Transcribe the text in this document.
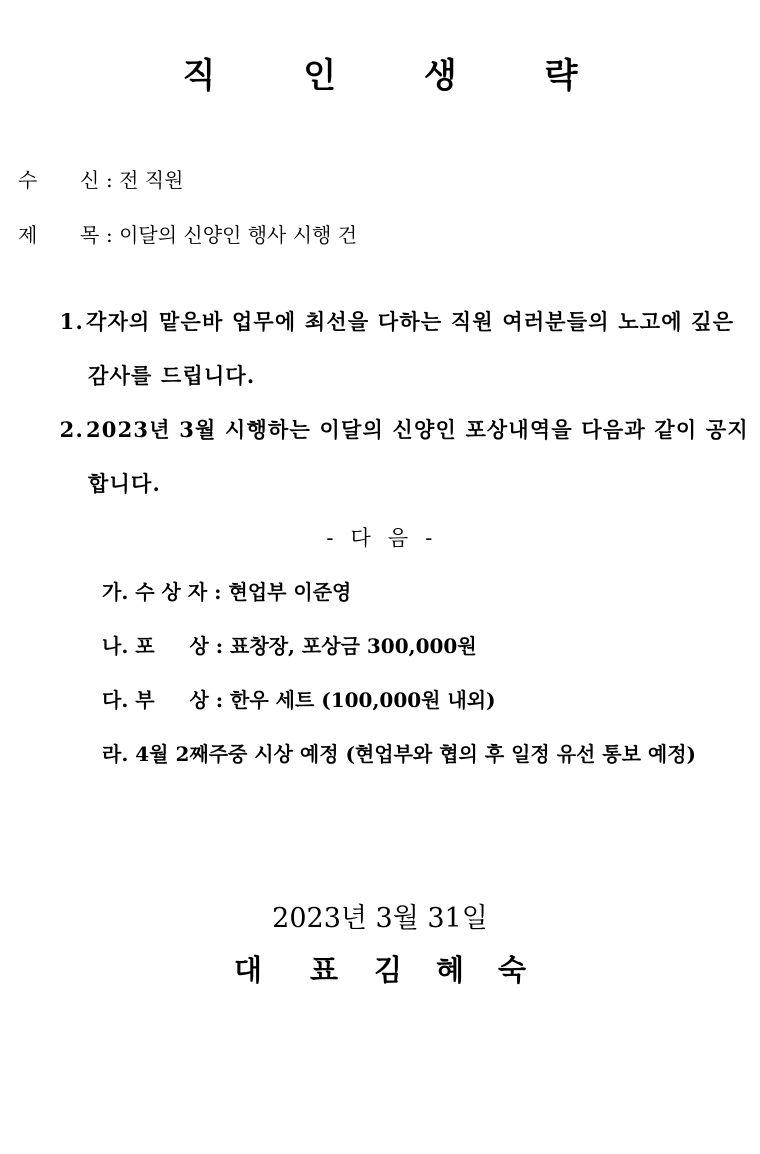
직 인 생 략
수 신 : 전 직원
제 목 : 이달의 신양인 행사 시행 건
1.각자의 맡은바 업무에 최선을 다하는 직원 여러분들의 노고에 깊은
감사를 드립니다.
2.2023년 3월 시행하는 이달의 신양인 포상내역을 다음과 같이 공지
합니다.
- 다 음 -
가. 수 상 자 : 현업부 이준영
나. 포     상 : 표창장, 포상금 300,000원
다. 부     상 : 한우 세트 (100,000원 내외)
라. 4월 2째주중 시상 예정 (현업부와 협의 후 일정 유선 통보 예정)
2023년 3월 31일
대 표 김 혜 숙
